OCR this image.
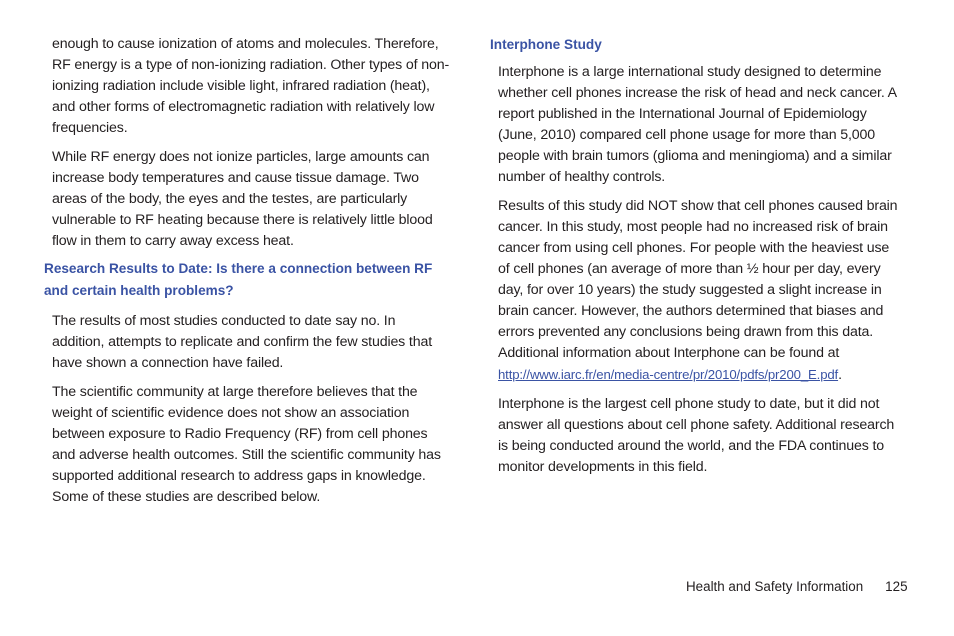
enough to cause ionization of atoms and molecules. Therefore, RF energy is a type of non-ionizing radiation. Other types of non-ionizing radiation include visible light, infrared radiation (heat), and other forms of electromagnetic radiation with relatively low frequencies.

While RF energy does not ionize particles, large amounts can increase body temperatures and cause tissue damage. Two areas of the body, the eyes and the testes, are particularly vulnerable to RF heating because there is relatively little blood flow in them to carry away excess heat.

Research Results to Date: Is there a connection between RF and certain health problems?

The results of most studies conducted to date say no. In addition, attempts to replicate and confirm the few studies that have shown a connection have failed.

The scientific community at large therefore believes that the weight of scientific evidence does not show an association between exposure to Radio Frequency (RF) from cell phones and adverse health outcomes. Still the scientific community has supported additional research to address gaps in knowledge. Some of these studies are described below.

Interphone Study

Interphone is a large international study designed to determine whether cell phones increase the risk of head and neck cancer. A report published in the International Journal of Epidemiology (June, 2010) compared cell phone usage for more than 5,000 people with brain tumors (glioma and meningioma) and a similar number of healthy controls.

Results of this study did NOT show that cell phones caused brain cancer. In this study, most people had no increased risk of brain cancer from using cell phones. For people with the heaviest use of cell phones (an average of more than ½ hour per day, every day, for over 10 years) the study suggested a slight increase in brain cancer. However, the authors determined that biases and errors prevented any conclusions being drawn from this data. Additional information about Interphone can be found at http://www.iarc.fr/en/media-centre/pr/2010/pdfs/pr200_E.pdf.

Interphone is the largest cell phone study to date, but it did not answer all questions about cell phone safety. Additional research is being conducted around the world, and the FDA continues to monitor developments in this field.

Health and Safety Information 125
